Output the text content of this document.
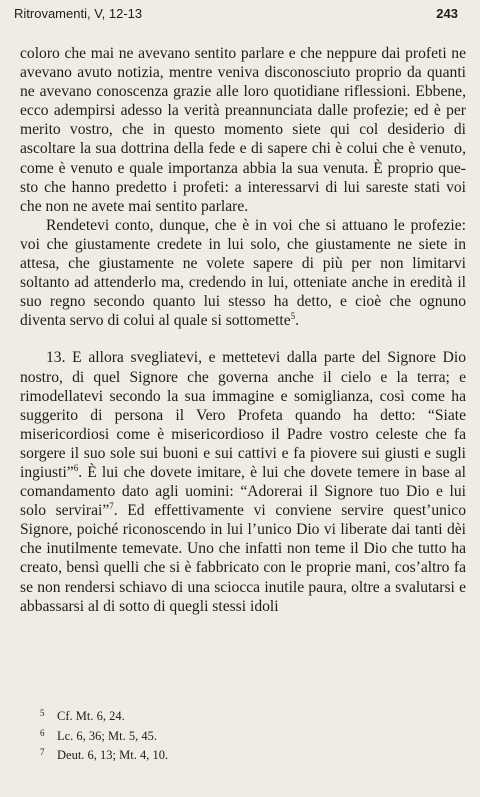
Ritrovamenti, V, 12-13	243

coloro che mai ne avevano sentito parlare e che neppure dai profeti ne avevano avuto notizia, mentre veniva disconosciuto proprio da quanti ne avevano conoscenza grazie alle loro quotidiane riflessioni. Ebbene, ecco adempirsi adesso la verità preannunciata dalle profezie; ed è per merito vostro, che in questo momento siete qui col desiderio di ascoltare la sua dottrina della fede e di sapere chi è colui che è venuto, come è venuto e quale importanza abbia la sua venuta. È proprio questo che hanno predetto i profeti: a interessarvi di lui sareste stati voi che non ne avete mai sentito parlare.

Rendetevi conto, dunque, che è in voi che si attuano le profezie: voi che giustamente credete in lui solo, che giustamente ne siete in attesa, che giustamente ne volete sapere di più per non limitarvi soltanto ad attenderlo ma, credendo in lui, otteniate anche in eredità il suo regno secondo quanto lui stesso ha detto, e cioè che ognuno diventa servo di colui al quale si sottomette$^5$.

13. E allora svegliatevi, e mettetevi dalla parte del Signore Dio nostro, di quel Signore che governa anche il cielo e la terra; e rimodellatevi secondo la sua immagine e somiglianza, così come ha suggerito di persona il Vero Profeta quando ha detto: “Siate misericordiosi come è misericordioso il Padre vostro celeste che fa sorgere il suo sole sui buoni e sui cattivi e fa piovere sui giusti e sugli ingiusti”$^6$. È lui che dovete imitare, è lui che dovete temere in base al comandamento dato agli uomini: “Adorerai il Signore tuo Dio e lui solo servirai”$^7$. Ed effettivamente vi conviene servire quest’unico Signore, poiché riconoscendo in lui l’unico Dio vi liberate dai tanti dèi che inutilmente temevate. Uno che infatti non teme il Dio che tutto ha creato, bensì quelli che si è fabbricato con le proprie mani, cos’altro fa se non rendersi schiavo di una sciocca inutile paura, oltre a svalutarsi e abbassarsi al di sotto di quegli stessi idoli

5 Cf. Mt. 6, 24.
6 Lc. 6, 36; Mt. 5, 45.
7 Deut. 6, 13; Mt. 4, 10.
